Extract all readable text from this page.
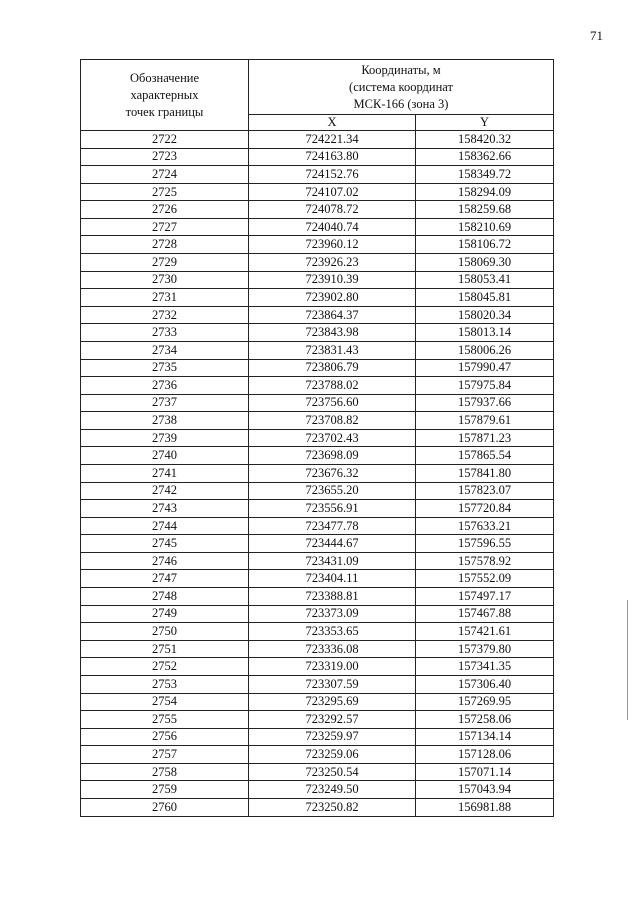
71
Обозначение
характерных
точек границы	Координаты, м
(система координат
МСК-166 (зона 3)	

	X	Y
2722	724221.34	158420.32
2723	724163.80	158362.66
2724	724152.76	158349.72
2725	724107.02	158294.09
2726	724078.72	158259.68
2727	724040.74	158210.69
2728	723960.12	158106.72
2729	723926.23	158069.30
2730	723910.39	158053.41
2731	723902.80	158045.81
2732	723864.37	158020.34
2733	723843.98	158013.14
2734	723831.43	158006.26
2735	723806.79	157990.47
2736	723788.02	157975.84
2737	723756.60	157937.66
2738	723708.82	157879.61
2739	723702.43	157871.23
2740	723698.09	157865.54
2741	723676.32	157841.80
2742	723655.20	157823.07
2743	723556.91	157720.84
2744	723477.78	157633.21
2745	723444.67	157596.55
2746	723431.09	157578.92
2747	723404.11	157552.09
2748	723388.81	157497.17
2749	723373.09	157467.88
2750	723353.65	157421.61
2751	723336.08	157379.80
2752	723319.00	157341.35
2753	723307.59	157306.40
2754	723295.69	157269.95
2755	723292.57	157258.06
2756	723259.97	157134.14
2757	723259.06	157128.06
2758	723250.54	157071.14
2759	723249.50	157043.94
2760	723250.82	156981.88
